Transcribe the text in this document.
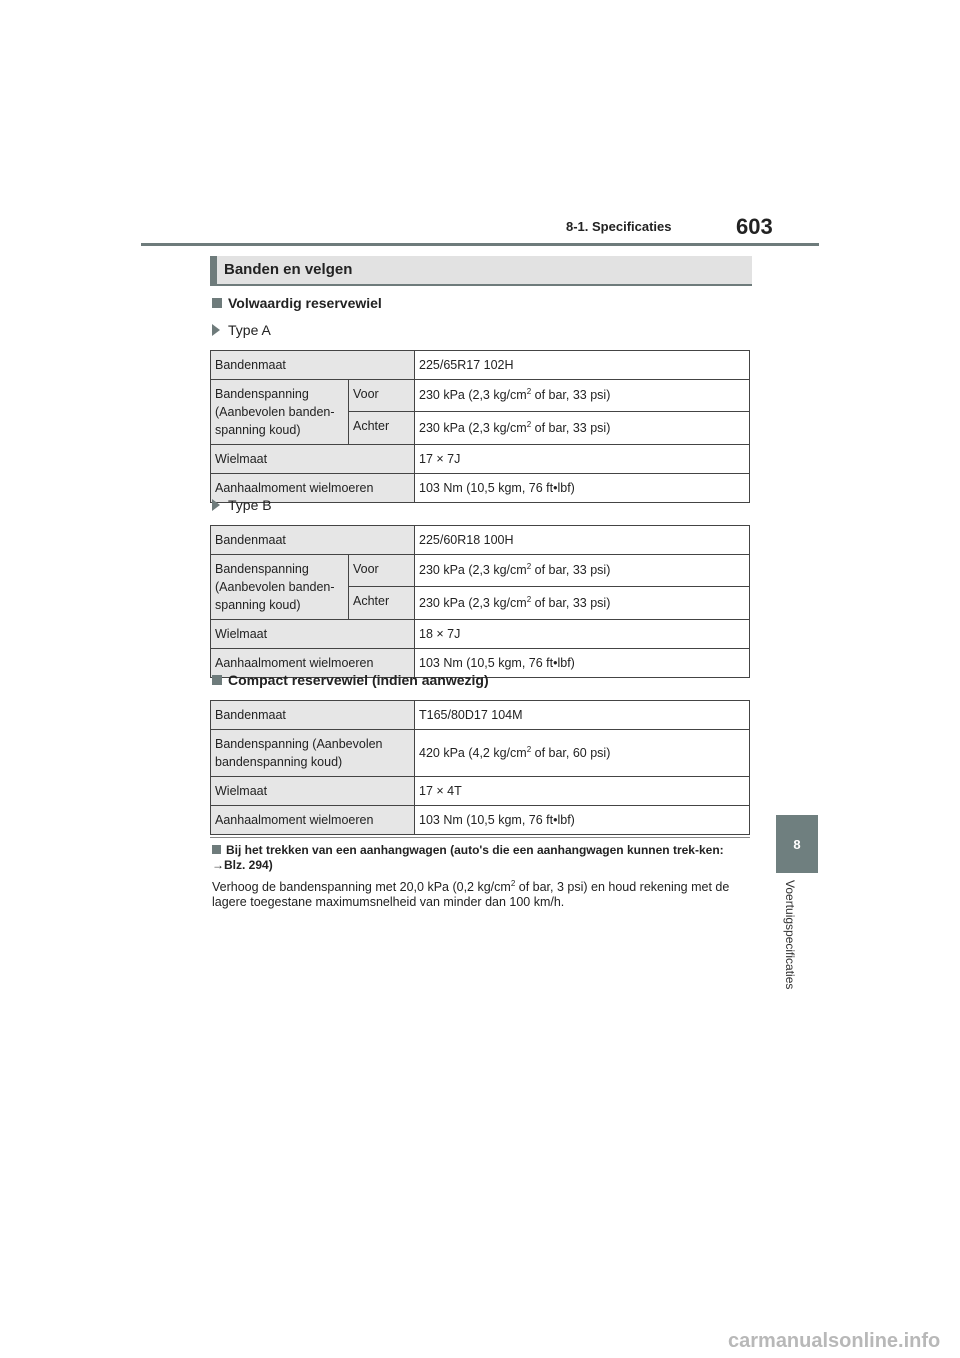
8-1. Specificaties	603
8
Voertuigspecificaties
Banden en velgen
Volwaardig reservewiel
Type A
Bandenmaat		225/65R17 102H
Bandenspanning (Aanbevolen banden-spanning koud)	Voor	230 kPa (2,3 $kg/cm^2$ of bar, 33 psi)
	Achter	230 kPa (2,3 $kg/cm^2$ of bar, 33 psi)
Wielmaat		17 × 7J
Aanhaalmoment wielmoeren		103 Nm (10,5 kgm, 76 ft•lbf)
Type B
Bandenmaat		225/60R18 100H
Bandenspanning (Aanbevolen banden-spanning koud)	Voor	230 kPa (2,3 $kg/cm^2$ of bar, 33 psi)
	Achter	230 kPa (2,3 $kg/cm^2$ of bar, 33 psi)
Wielmaat		18 × 7J
Aanhaalmoment wielmoeren		103 Nm (10,5 kgm, 76 ft•lbf)
Compact reservewiel (indien aanwezig)
Bandenmaat	T165/80D17 104M
Bandenspanning (Aanbevolen bandenspanning koud)	420 kPa (4,2 $kg/cm^2$ of bar, 60 psi)
Wielmaat	17 × 4T
Aanhaalmoment wielmoeren	103 Nm (10,5 kgm, 76 ft•lbf)
Bij het trekken van een aanhangwagen (auto's die een aanhangwagen kunnen trek-ken: →Blz. 294)
Verhoog de bandenspanning met 20,0 kPa (0,2 $kg/cm^2$ of bar, 3 psi) en houd rekening met de lagere toegestane maximumsnelheid van minder dan 100 km/h.
carmanualsonline.info
